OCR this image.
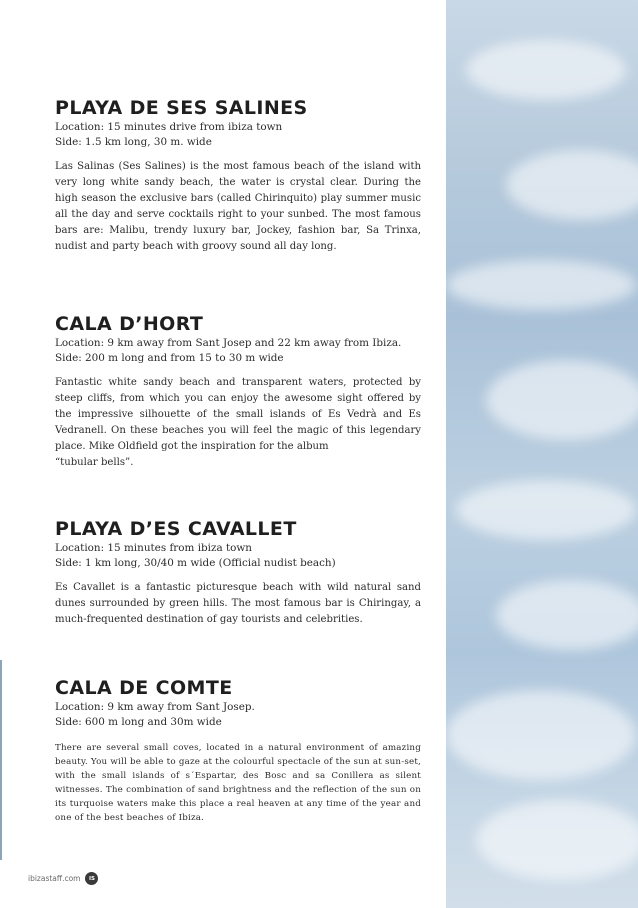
PLAYA DE SES SALINES

Location: 15 minutes drive from ibiza town

Side: 1.5 km long, 30 m. wide

Las Salinas (Ses Salines) is the most famous beach of the island with very long white sandy beach, the water is crystal clear. During the high season the exclusive bars (called Chirinquito) play summer music all the day and serve cocktails right to your sunbed. The most famous bars are: Malibu, trendy luxury bar, Jockey, fashion bar, Sa Trinxa, nudist and party beach with groovy sound all day long.

CALA D’HORT

Location: 9 km away from Sant Josep and 22 km away from Ibiza.

Side: 200 m long and from 15 to 30 m wide

Fantastic white sandy beach and transparent waters, protected by steep cliffs, from which you can enjoy the awesome sight offered by the impressive silhouette of the small islands of Es Vedrà and Es Vedranell. On these beaches you will feel the magic of this legendary place. Mike Oldfield got the inspiration for the album

“tubular bells”.

PLAYA D’ES CAVALLET

Location: 15 minutes from ibiza town

Side: 1 km long, 30/40 m wide (Official nudist beach)

Es Cavallet is a fantastic picturesque beach with wild natural sand dunes surrounded by green hills. The most famous bar is Chiringay, a much-frequented destination of gay tourists and celebrities.

CALA DE COMTE

Location: 9 km away from Sant Josep.

Side: 600 m long and 30m wide

There are several small coves, located in a natural environment of amazing beauty. You will be able to gaze at the colourful spectacle of the sun at sun-set, with the small islands of s´Espartar, des Bosc and sa Conillera as silent witnesses. The combination of sand brightness and the reflection of the sun on its turquoise waters make this place a real heaven at any time of the year and one of the best beaches of Ibiza.

ibizastaff.com	IS
